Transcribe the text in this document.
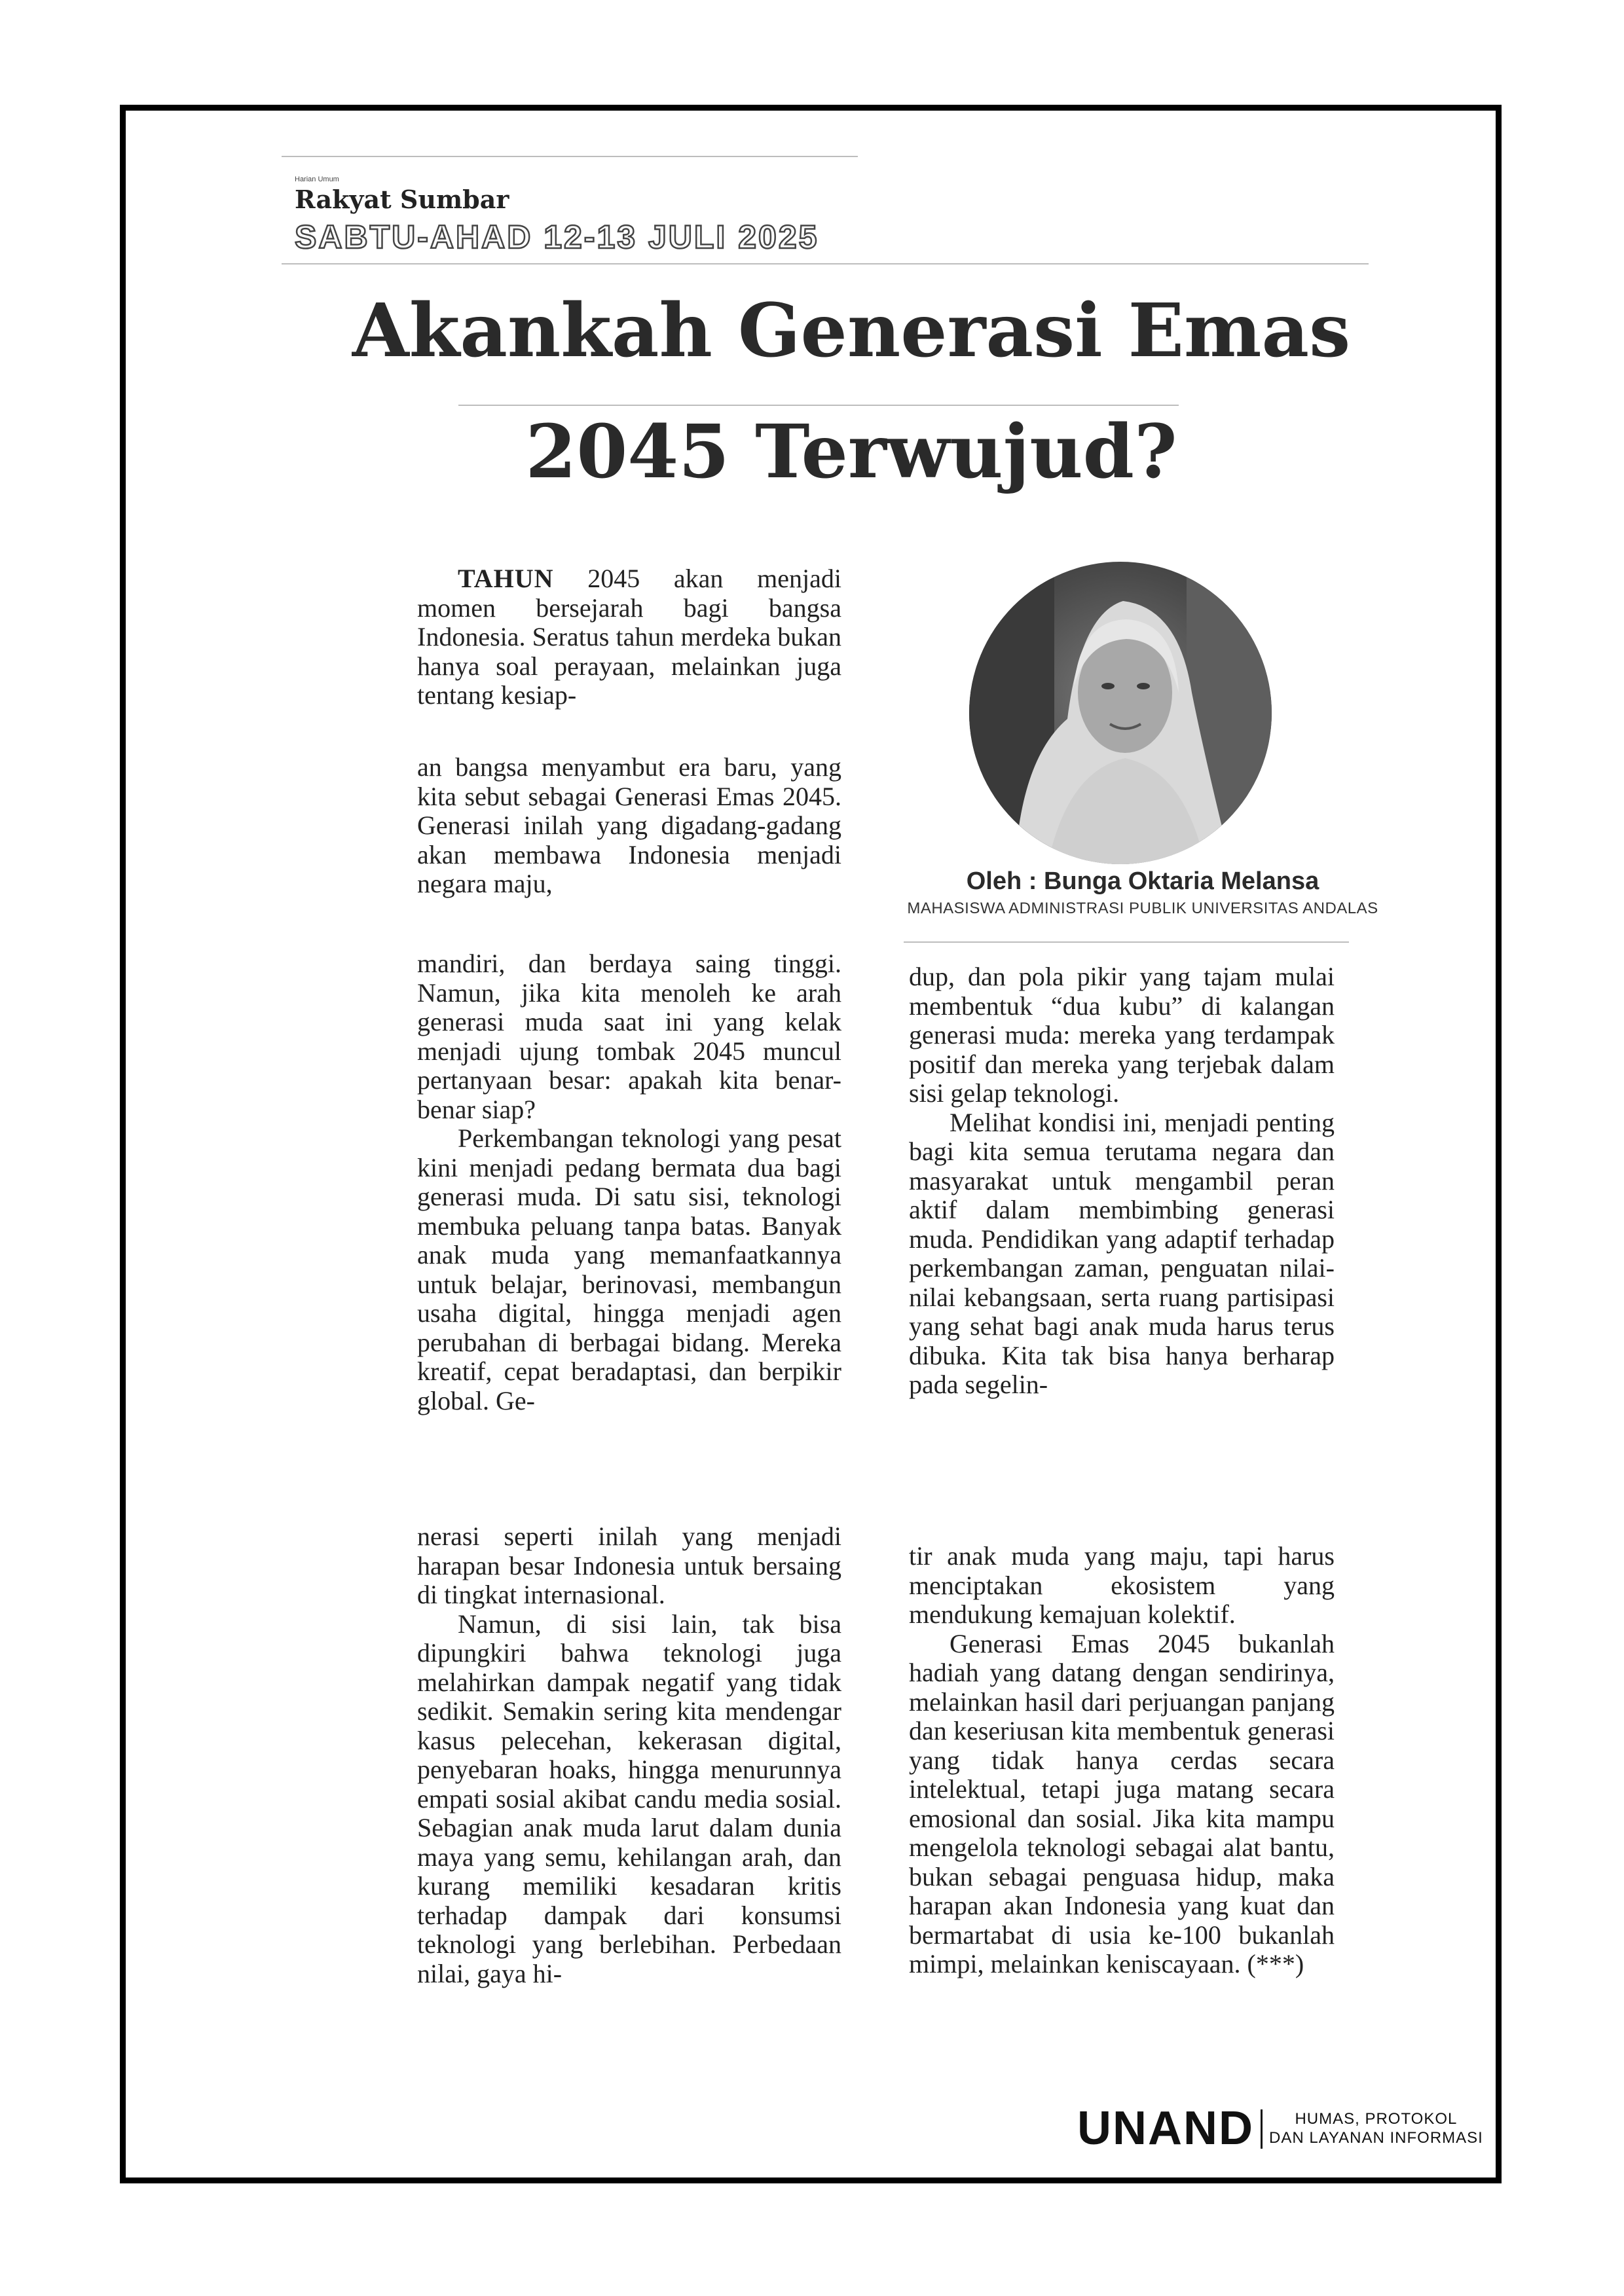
Harian Umum
Rakyat Sumbar
SABTU-AHAD 12-13 JULI 2025
Akankah Generasi Emas
2045 Terwujud?

TAHUN 2045 akan menjadi momen bersejarah bagi bangsa Indonesia. Seratus tahun merdeka bukan hanya soal perayaan, melainkan juga tentang kesiap-

an bangsa menyambut era baru, yang kita sebut sebagai Generasi Emas 2045. Generasi inilah yang digadang-gadang akan membawa Indonesia menjadi negara maju,

mandiri, dan berdaya saing tinggi. Namun, jika kita menoleh ke arah generasi muda saat ini yang kelak menjadi ujung tombak 2045 muncul pertanyaan besar: apakah kita benar-benar siap?

Perkembangan teknologi yang pesat kini menjadi pedang bermata dua bagi generasi muda. Di satu sisi, teknologi membuka peluang tanpa batas. Banyak anak muda yang memanfaatkannya untuk belajar, berinovasi, membangun usaha digital, hingga menjadi agen perubahan di berbagai bidang. Mereka kreatif, cepat beradaptasi, dan berpikir global. Ge-

nerasi seperti inilah yang menjadi harapan besar Indonesia untuk bersaing di tingkat internasional.

Namun, di sisi lain, tak bisa dipungkiri bahwa teknologi juga melahirkan dampak negatif yang tidak sedikit. Semakin sering kita mendengar kasus pelecehan, kekerasan digital, penyebaran hoaks, hingga menurunnya empati sosial akibat candu media sosial. Sebagian anak muda larut dalam dunia maya yang semu, kehilangan arah, dan kurang memiliki kesadaran kritis terhadap dampak dari konsumsi teknologi yang berlebihan. Perbedaan nilai, gaya hi-

Oleh : Bunga Oktaria Melansa
MAHASISWA ADMINISTRASI PUBLIK UNIVERSITAS ANDALAS

dup, dan pola pikir yang tajam mulai membentuk “dua kubu” di kalangan generasi muda: mereka yang terdampak positif dan mereka yang terjebak dalam sisi gelap teknologi.

Melihat kondisi ini, menjadi penting bagi kita semua terutama negara dan masyarakat untuk mengambil peran aktif dalam membimbing generasi muda. Pendidikan yang adaptif terhadap perkembangan zaman, penguatan nilai-nilai kebangsaan, serta ruang partisipasi yang sehat bagi anak muda harus terus dibuka. Kita tak bisa hanya berharap pada segelin-

tir anak muda yang maju, tapi harus menciptakan ekosistem yang mendukung kemajuan kolektif.

Generasi Emas 2045 bukanlah hadiah yang datang dengan sendirinya, melainkan hasil dari perjuangan panjang dan keseriusan kita membentuk generasi yang tidak hanya cerdas secara intelektual, tetapi juga matang secara emosional dan sosial. Jika kita mampu mengelola teknologi sebagai alat bantu, bukan sebagai penguasa hidup, maka harapan akan Indonesia yang kuat dan bermartabat di usia ke-100 bukanlah mimpi, melainkan keniscayaan. (***)

UNAND	HUMAS, PROTOKOL
DAN LAYANAN INFORMASI
